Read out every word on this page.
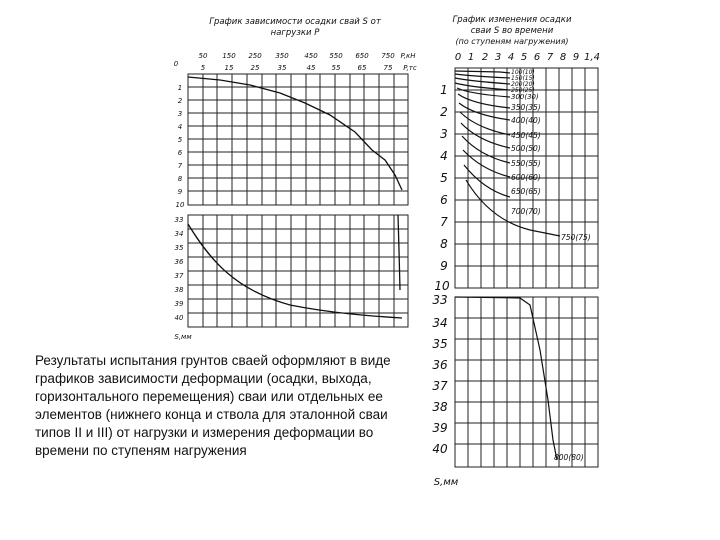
График зависимости осадки свай S от
нагрузки P
50 150 250 350 450 550 650 750 P,кН
5	15 25	35	45 55 65 75 P,тс
0
1
2
3
4
5
6
7
8
9
10
33
34
35
36
37
38
39
40
S,мм
График изменения осадки
сваи S во времени
(по ступеням нагружения)
0 1 2 3 4 5 6 7 8 9 1,4
1
2
3
4
5
6
7
8
9
10
33
34
35
36
37
38
39
40
S,мм
100(10)
150(15)
200(20)
250(25)
300(30)
350(35)
400(40)
450(45)
500(50)
550(55)
600(60)
650(65)
700(70)
750(75)
800(80)
Результаты испытания грунтов сваей оформляют в виде графиков зависимости деформации (осадки, выхода, горизонтального перемещения) сваи или отдельных ее элементов (нижнего конца и ствола для эталонной сваи типов II и III) от нагрузки и измерения деформации во времени по ступеням нагружения
